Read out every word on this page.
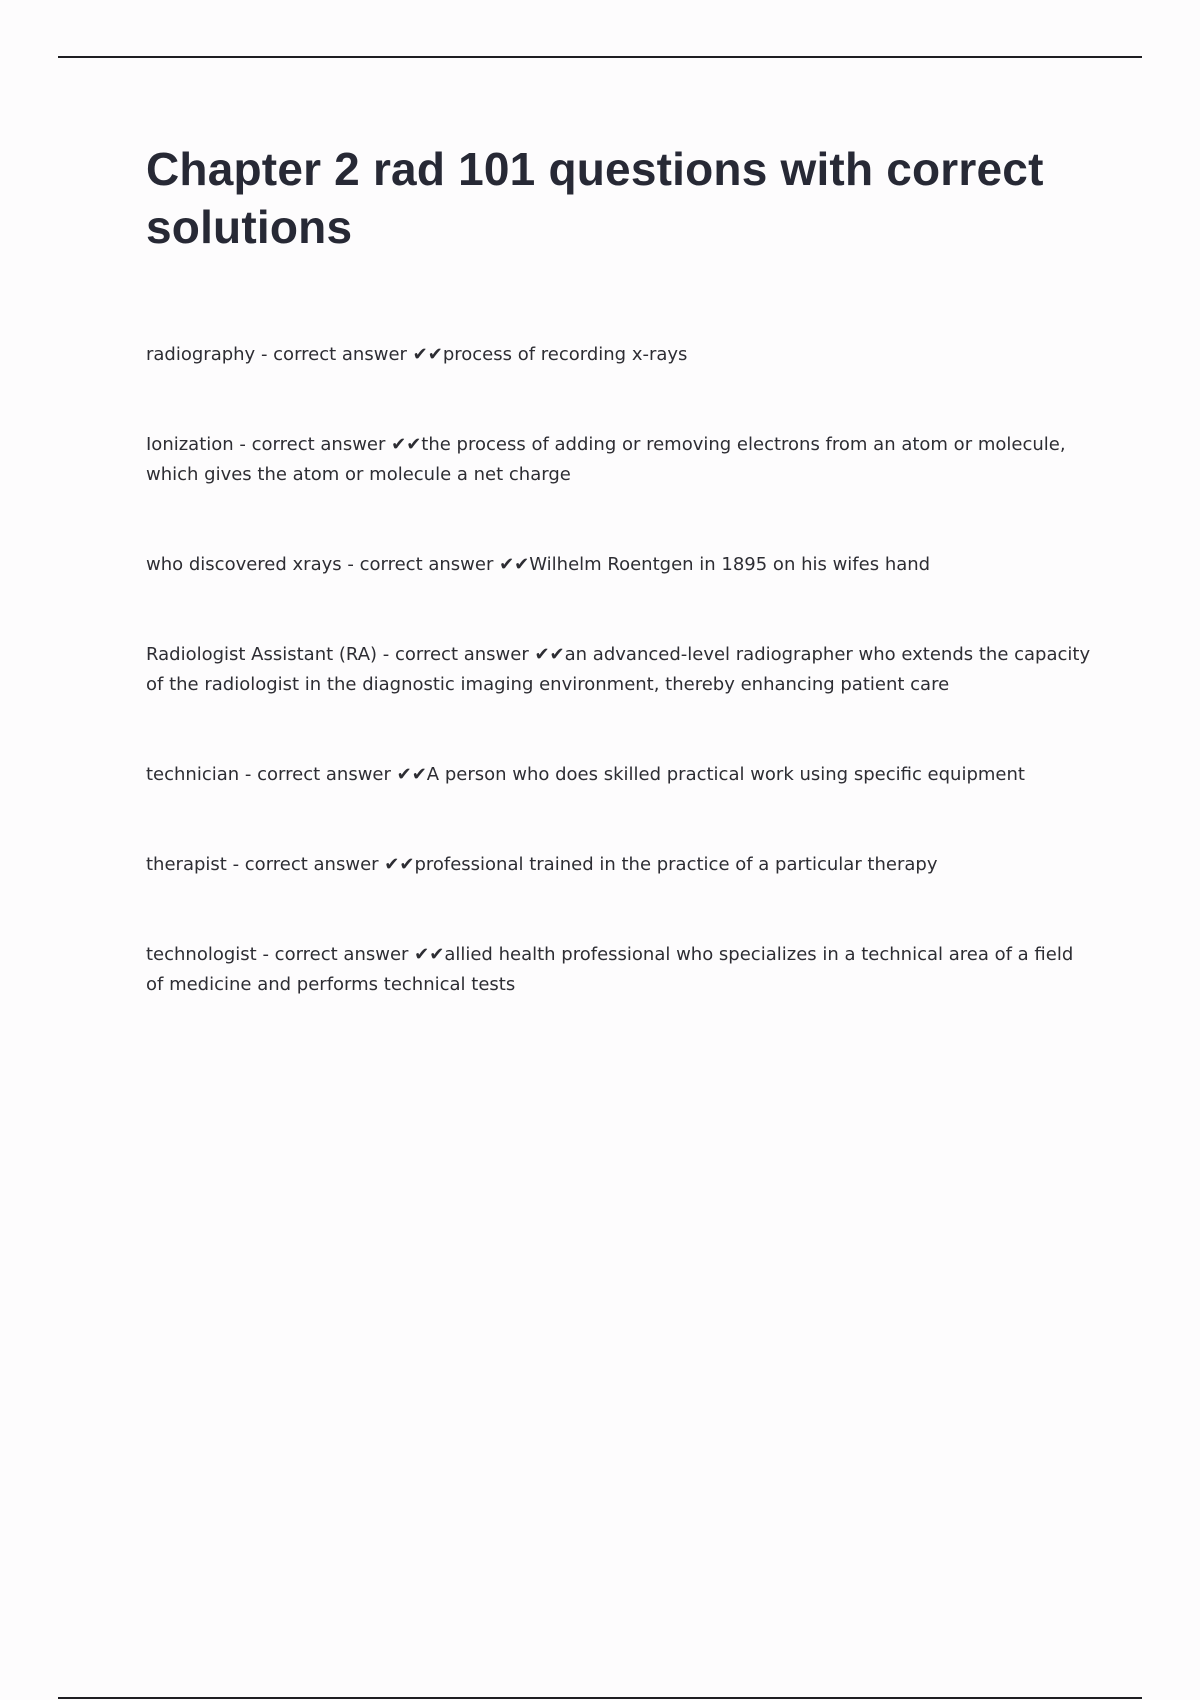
Chapter 2 rad 101 questions with correct solutions

radiography - correct answer ✔✔process of recording x-rays

Ionization - correct answer ✔✔the process of adding or removing electrons from an atom or molecule, which gives the atom or molecule a net charge

who discovered xrays - correct answer ✔✔Wilhelm Roentgen in 1895 on his wifes hand

Radiologist Assistant (RA) - correct answer ✔✔an advanced-level radiographer who extends the capacity of the radiologist in the diagnostic imaging environment, thereby enhancing patient care

technician - correct answer ✔✔A person who does skilled practical work using specific equipment

therapist - correct answer ✔✔professional trained in the practice of a particular therapy

technologist - correct answer ✔✔allied health professional who specializes in a technical area of a field of medicine and performs technical tests
